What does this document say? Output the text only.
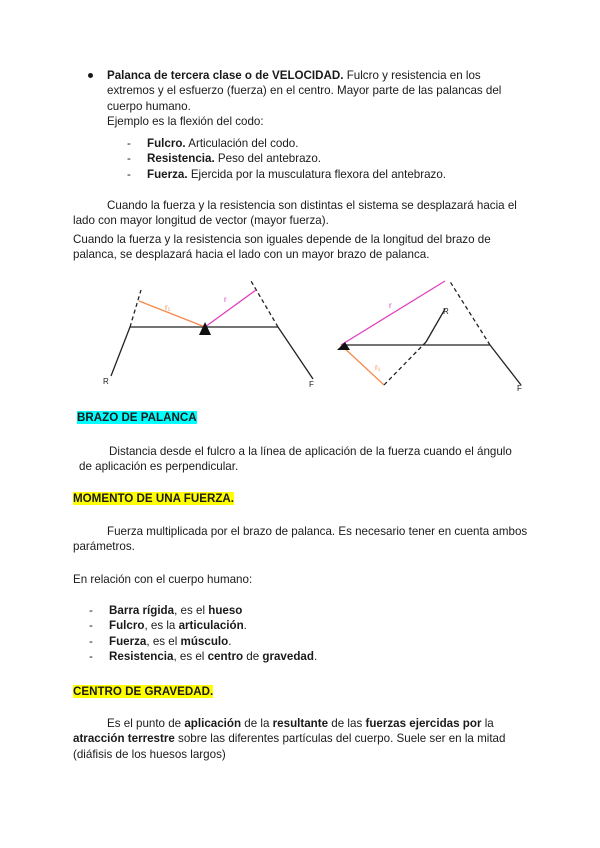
Palanca de tercera clase o de VELOCIDAD. Fulcro y resistencia en los extremos y el esfuerzo (fuerza) en el centro. Mayor parte de las palancas del cuerpo humano.
Ejemplo es la flexión del codo:
- Fulcro. Articulación del codo.
- Resistencia. Peso del antebrazo.
- Fuerza. Ejercida por la musculatura flexora del antebrazo.

Cuando la fuerza y la resistencia son distintas el sistema se desplazará hacia el lado con mayor longitud de vector (mayor fuerza).

Cuando la fuerza y la resistencia son iguales depende de la longitud del brazo de palanca, se desplazará hacia el lado con un mayor brazo de palanca.

r₁
r
R	F
r
R
r₁
F
BRAZO DE PALANCA

Distancia desde el fulcro a la línea de aplicación de la fuerza cuando el ángulo de aplicación es perpendicular.

MOMENTO DE UNA FUERZA.

Fuerza multiplicada por el brazo de palanca. Es necesario tener en cuenta ambos parámetros.

En relación con el cuerpo humano:

- Barra rígida, es el hueso
- Fulcro, es la articulación.
- Fuerza, es el músculo.
- Resistencia, es el centro de gravedad.
CENTRO DE GRAVEDAD.

Es el punto de aplicación de la resultante de las fuerzas ejercidas por la atracción terrestre sobre las diferentes partículas del cuerpo. Suele ser en la mitad (diáfisis de los huesos largos)
